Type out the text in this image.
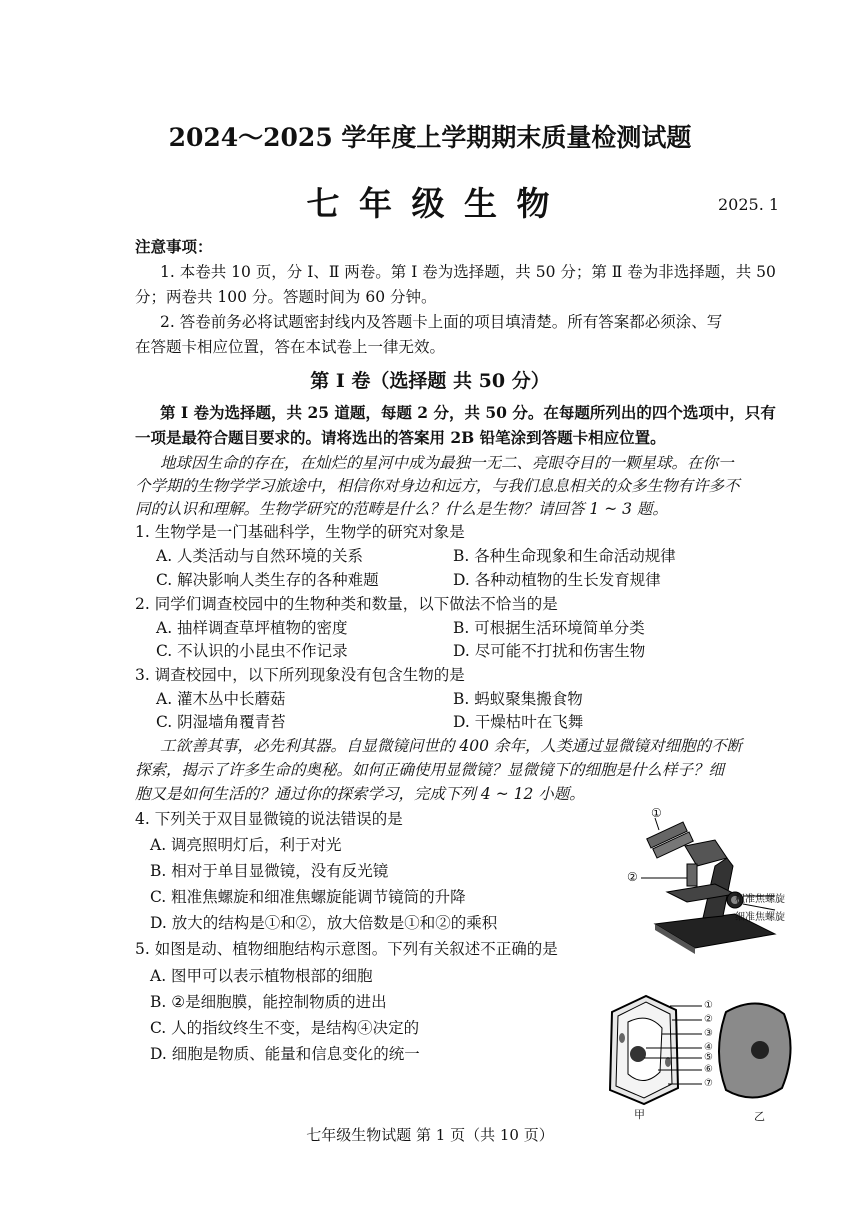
2024～2025 学年度上学期期末质量检测试题
七 年 级 生 物	2025. 1
注意事项：
1. 本卷共 10 页，分 Ⅰ、Ⅱ 两卷。第 Ⅰ 卷为选择题，共 50 分；第 Ⅱ 卷为非选择题，共 50
分；两卷共 100 分。答题时间为 60 分钟。
2. 答卷前务必将试题密封线内及答题卡上面的项目填清楚。所有答案都必须涂、写
在答题卡相应位置，答在本试卷上一律无效。
第 Ⅰ 卷（选择题 共 50 分）
第 Ⅰ 卷为选择题，共 25 道题，每题 2 分，共 50 分。在每题所列出的四个选项中，只有
一项是最符合题目要求的。请将选出的答案用 2B 铅笔涂到答题卡相应位置。
地球因生命的存在，在灿烂的星河中成为最独一无二、亮眼夺目的一颗星球。在你一
个学期的生物学学习旅途中，相信你对身边和远方，与我们息息相关的众多生物有许多不
同的认识和理解。生物学研究的范畴是什么？什么是生物？请回答 1 ~ 3 题。
1. 生物学是一门基础科学，生物学的研究对象是
A. 人类活动与自然环境的关系	B. 各种生命现象和生命活动规律
C. 解决影响人类生存的各种难题	D. 各种动植物的生长发育规律
2. 同学们调查校园中的生物种类和数量，以下做法不恰当的是
A. 抽样调查草坪植物的密度	B. 可根据生活环境简单分类
C. 不认识的小昆虫不作记录	D. 尽可能不打扰和伤害生物
3. 调查校园中，以下所列现象没有包含生物的是
A. 灌木丛中长蘑菇	B. 蚂蚁聚集搬食物
C. 阴湿墙角覆青苔	D. 干燥枯叶在飞舞
工欲善其事，必先利其器。自显微镜问世的 400 余年，人类通过显微镜对细胞的不断
探索，揭示了许多生命的奥秘。如何正确使用显微镜？显微镜下的细胞是什么样子？细
胞又是如何生活的？通过你的探索学习，完成下列 4 ~ 12 小题。
4. 下列关于双目显微镜的说法错误的是
A. 调亮照明灯后，利于对光
B. 相对于单目显微镜，没有反光镜
C. 粗准焦螺旋和细准焦螺旋能调节镜筒的升降
D. 放大的结构是①和②，放大倍数是①和②的乘积
①
②
粗准焦螺旋
细准焦螺旋
5. 如图是动、植物细胞结构示意图。下列有关叙述不正确的是
A. 图甲可以表示植物根部的细胞
B. ②是细胞膜，能控制物质的进出
C. 人的指纹终生不变，是结构④决定的
D. 细胞是物质、能量和信息变化的统一
①
②
③
④
⑤
⑥
⑦
甲	乙
七年级生物试题 第 1 页（共 10 页）
